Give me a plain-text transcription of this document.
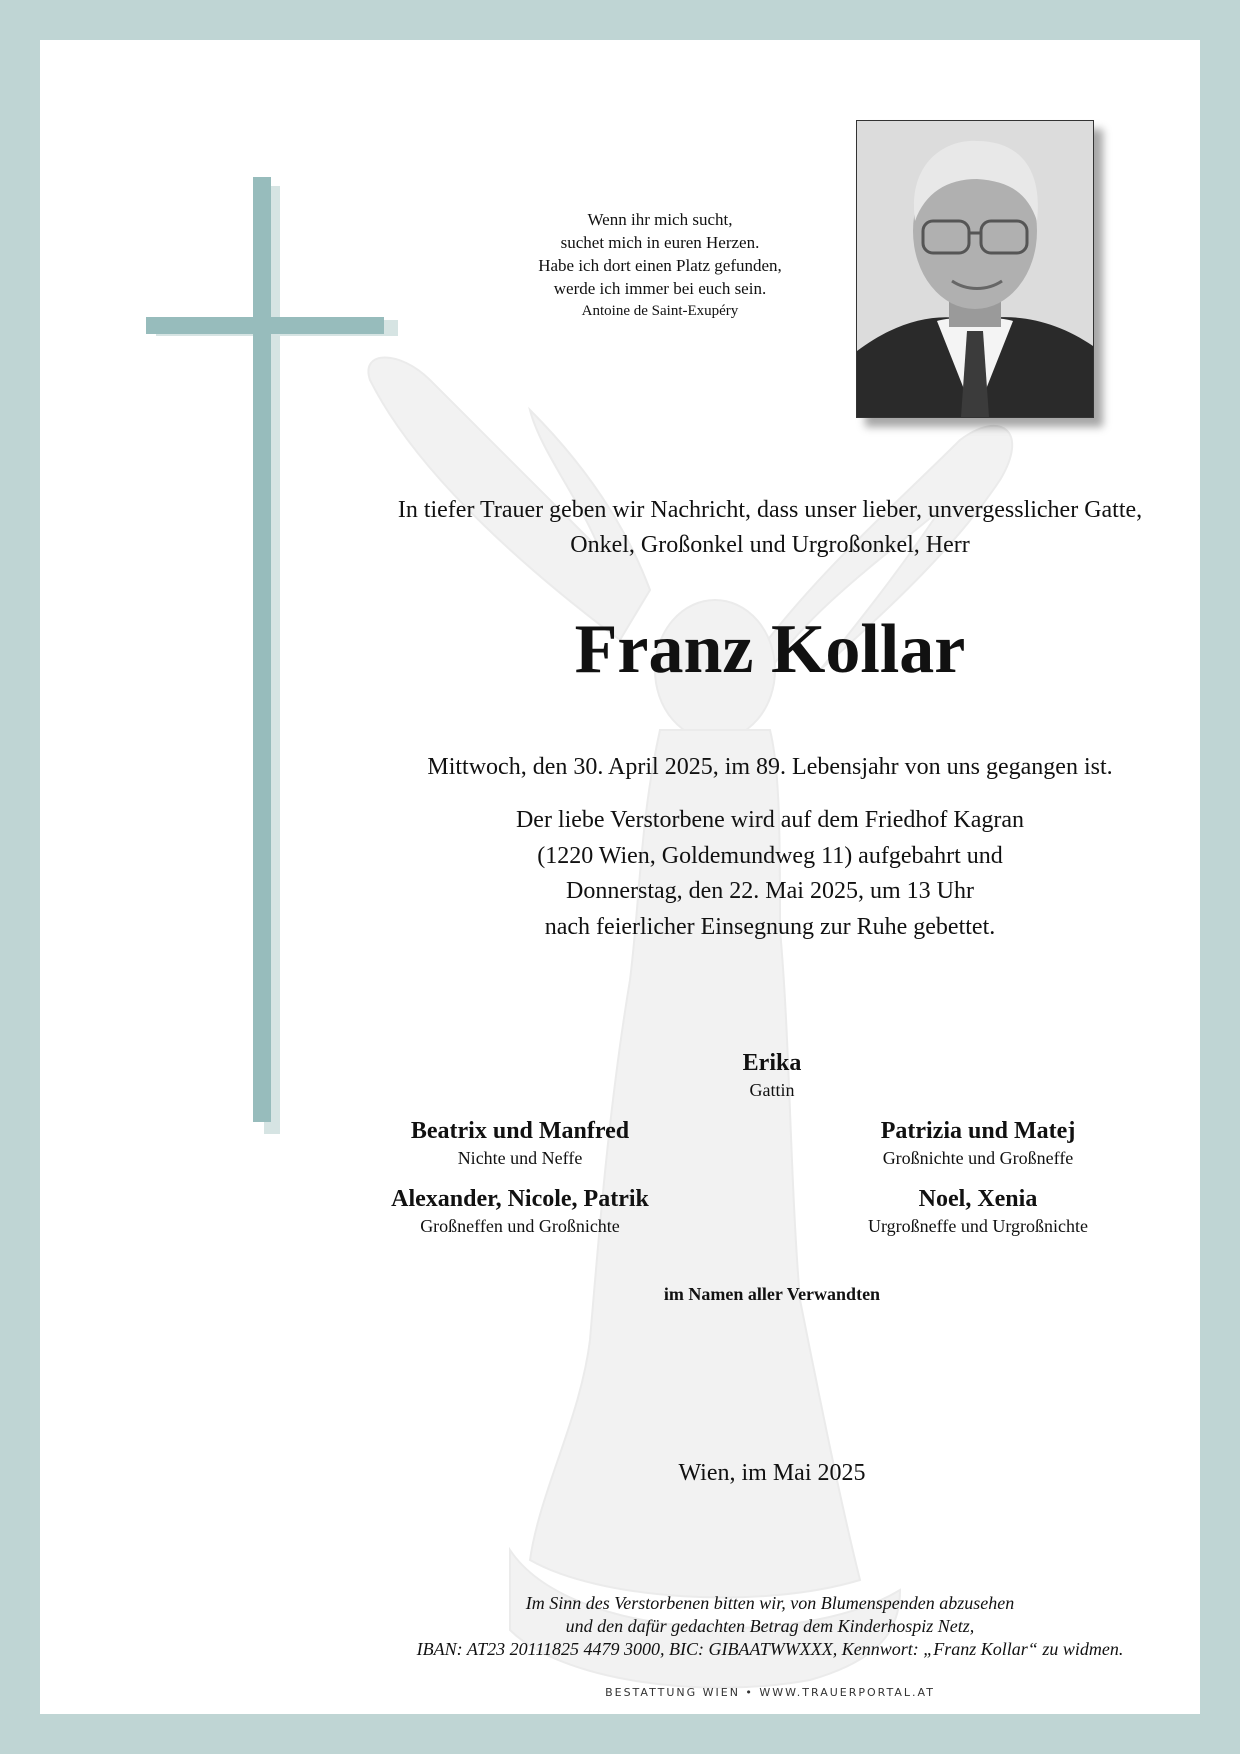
Wenn ihr mich sucht,
suchet mich in euren Herzen.
Habe ich dort einen Platz gefunden,
werde ich immer bei euch sein.
Antoine de Saint-Exupéry
In tiefer Trauer geben wir Nachricht, dass unser lieber, unvergesslicher Gatte,
Onkel, Großonkel und Urgroßonkel, Herr
Franz Kollar
Mittwoch, den 30. April 2025, im 89. Lebensjahr von uns gegangen ist.
Der liebe Verstorbene wird auf dem Friedhof Kagran
(1220 Wien, Goldemundweg 11) aufgebahrt und
Donnerstag, den 22. Mai 2025, um 13 Uhr
nach feierlicher Einsegnung zur Ruhe gebettet.
Erika
Gattin
Beatrix und Manfred
Nichte und Neffe
Patrizia und Matej
Großnichte und Großneffe
Alexander, Nicole, Patrik
Großneffen und Großnichte
Noel, Xenia
Urgroßneffe und Urgroßnichte
im Namen aller Verwandten
Wien, im Mai 2025
Im Sinn des Verstorbenen bitten wir, von Blumenspenden abzusehen
und den dafür gedachten Betrag dem Kinderhospiz Netz,
IBAN: AT23 20111825 4479 3000, BIC: GIBAATWWXXX, Kennwort: „Franz Kollar“ zu widmen.
BESTATTUNG WIEN • WWW.TRAUERPORTAL.AT
